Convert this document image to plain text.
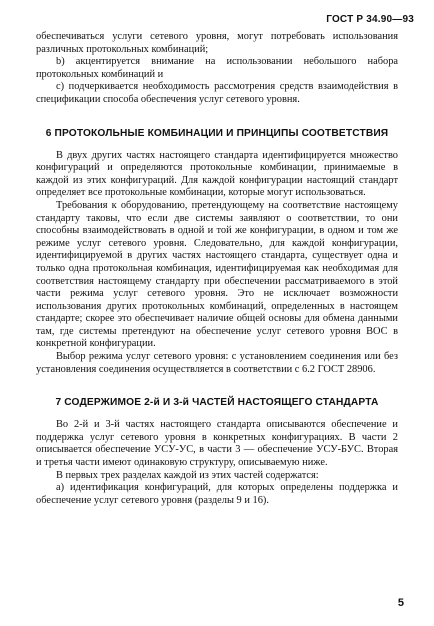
ГОСТ Р 34.90—93

обеспечиваться услуги сетевого уровня, могут потребовать использования различных протокольных комбинаций;

b) акцентируется внимание на использовании небольшого набора протокольных комбинаций и

c) подчеркивается необходимость рассмотрения средств взаимодействия в спецификации способа обеспечения услуг сетевого уровня.

6 ПРОТОКОЛЬНЫЕ КОМБИНАЦИИ И ПРИНЦИПЫ СООТВЕТСТВИЯ

В двух других частях настоящего стандарта идентифицируется множество конфигураций и определяются протокольные комбинации, принимаемые в каждой из этих конфигураций. Для каждой конфигурации настоящий стандарт определяет все протокольные комбинации, которые могут использоваться.

Требования к оборудованию, претендующему на соответствие настоящему стандарту таковы, что если две системы заявляют о соответствии, то они способны взаимодействовать в одной и той же конфигурации, в одном и том же режиме услуг сетевого уровня. Следовательно, для каждой конфигурации, идентифицируемой в других частях настоящего стандарта, существует одна и только одна протокольная комбинация, идентифицируемая как необходимая для соответствия настоящему стандарту при обеспечении рассматриваемого в этой части режима услуг сетевого уровня. Это не исключает возможности использования других протокольных комбинаций, определенных в настоящем стандарте; скорее это обеспечивает наличие общей основы для обмена данными там, где системы претендуют на обеспечение услуг сетевого уровня ВОС в конкретной конфигурации.

Выбор режима услуг сетевого уровня: с установлением соединения или без установления соединения осуществляется в соответствии с 6.2 ГОСТ 28906.

7 СОДЕРЖИМОЕ 2-й И 3-й ЧАСТЕЙ НАСТОЯЩЕГО СТАНДАРТА

Во 2-й и 3-й частях настоящего стандарта описываются обеспечение и поддержка услуг сетевого уровня в конкретных конфигурациях. В части 2 описывается обеспечение УСУ-УС, в части 3 — обеспечение УСУ-БУС. Вторая и третья части имеют одинаковую структуру, описываемую ниже.

В первых трех разделах каждой из этих частей содержатся:

а) идентификация конфигураций, для которых определены поддержка и обеспечение услуг сетевого уровня (разделы 9 и 16).

5
